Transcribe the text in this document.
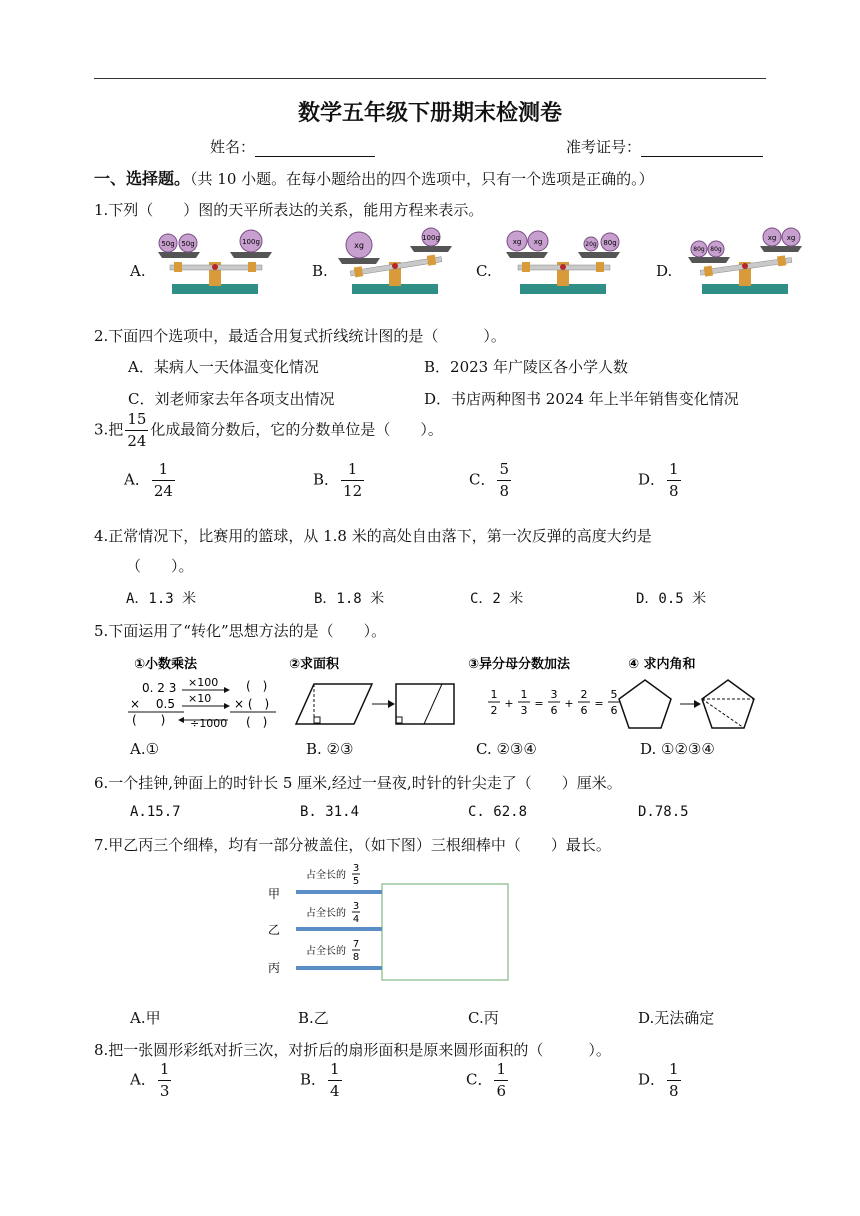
数学五年级下册期末检测卷
姓名：	准考证号：
一、选择题。（共 10 小题。在每小题给出的四个选项中，只有一个选项是正确的。）
1.下列（　　）图的天平所表达的关系，能用方程来表示。
A.	B.	C.	D.
50g 50g	100g	xg
100g	xg xg	20g 80g
80g 80g
xg xg
2.下面四个选项中，最适合用复式折线统计图的是（　　　）。
A．某病人一天体温变化情况	B．2023 年广陵区各小学人数
C．刘老师家去年各项支出情况	D．书店两种图书 2024 年上半年销售变化情况
3.把 $\frac{15}{24}$ 化成最简分数后，它的分数单位是（　　）。
A． $\frac{1}{24}$	B． $\frac{1}{12}$	C． $\frac{5}{8}$	D． $\frac{1}{8}$
4.正常情况下，比赛用的篮球，从 1.8 米的高处自由落下，第一次反弹的高度大约是
（　　）。
A．1.3 米	B．1.8 米	C．2 米	D．0.5 米
5.下面运用了“转化”思想方法的是（　　）。
①小数乘法	②求面积	③异分母分数加法	④ 求内角和
0. 2 3
×　 0.5
(　　)
×100
×10
÷1000
(　)
× (　)
(　)
1
2
+
1
3
=
3
6
+
2
6
=
5
6
A.①	B. ②③	C. ②③④	D. ①②③④
6.一个挂钟,钟面上的时针长 5 厘米,经过一昼夜,时针的针尖走了（　　）厘米。
A.15.7	B. 31.4	C. 62.8	D.78.5
7.甲乙丙三个细棒，均有一部分被盖住，（如下图）三根细棒中（　　）最长。
甲
乙
丙
占全长的
3
5
占全长的
3
4
占全长的
7
8
A.甲	B.乙	C.丙	D.无法确定
8.把一张圆形彩纸对折三次，对折后的扇形面积是原来圆形面积的（　　　）。
A． $\frac{1}{3}$	B． $\frac{1}{4}$	C． $\frac{1}{6}$	D． $\frac{1}{8}$
